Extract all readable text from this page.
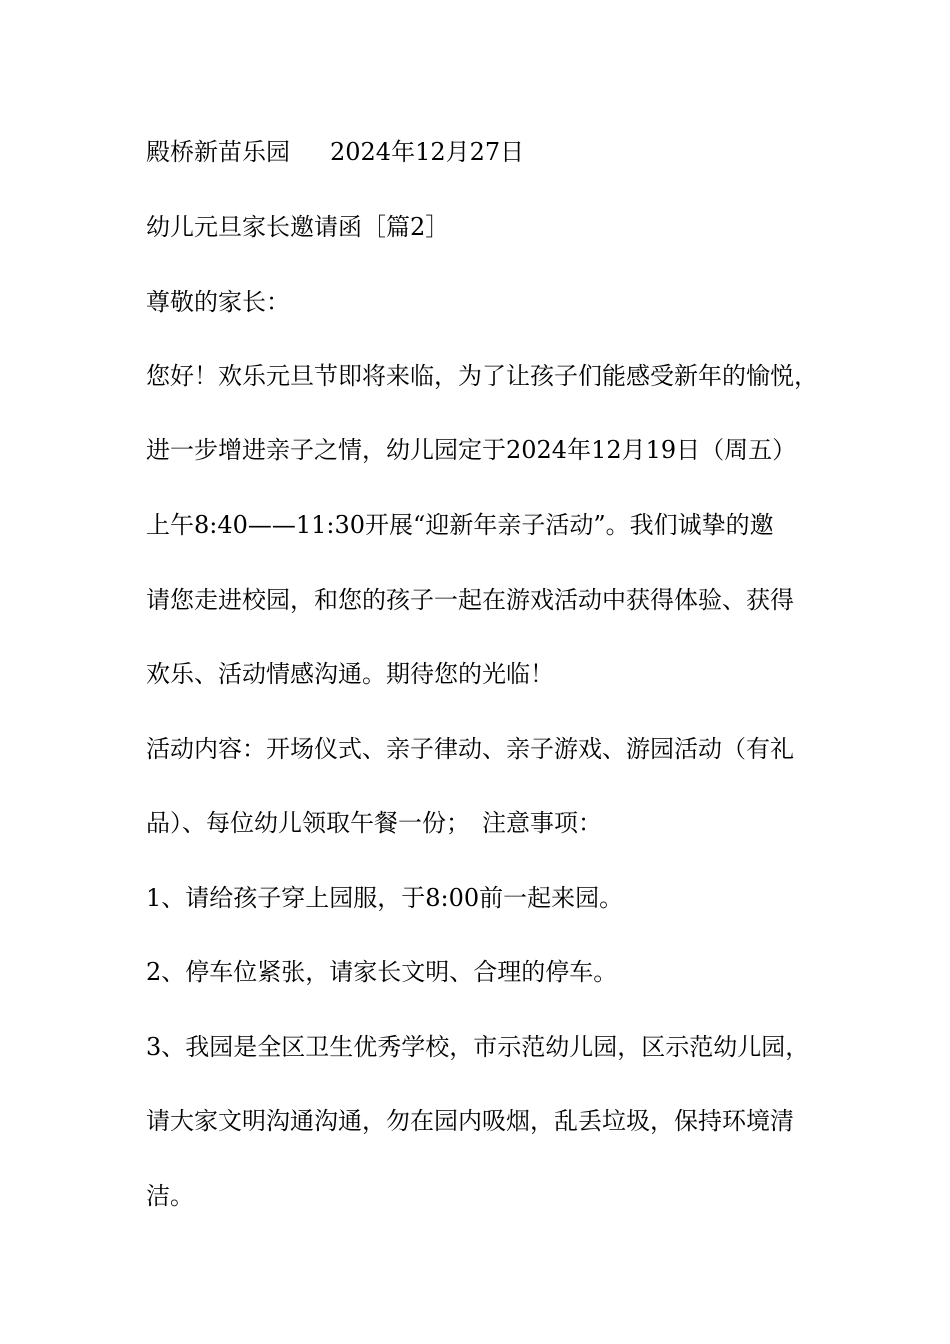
殿桥新苗乐园 2024年12月27日

幼儿元旦家长邀请函［篇2］

尊敬的家长：

您好！欢乐元旦节即将来临，为了让孩子们能感受新年的愉悦，

进一步增进亲子之情，幼儿园定于2024年12月19日（周五）

上午8:40——11:30开展“迎新年亲子活动”。我们诚挚的邀

请您走进校园，和您的孩子一起在游戏活动中获得体验、获得

欢乐、活动情感沟通。期待您的光临！

活动内容：开场仪式、亲子律动、亲子游戏、游园活动（有礼

品）、每位幼儿领取午餐一份；　注意事项：

1、请给孩子穿上园服，于8:00前一起来园。

2、停车位紧张，请家长文明、合理的停车。

3、我园是全区卫生优秀学校，市示范幼儿园，区示范幼儿园，

请大家文明沟通沟通，勿在园内吸烟，乱丢垃圾，保持环境清

洁。
